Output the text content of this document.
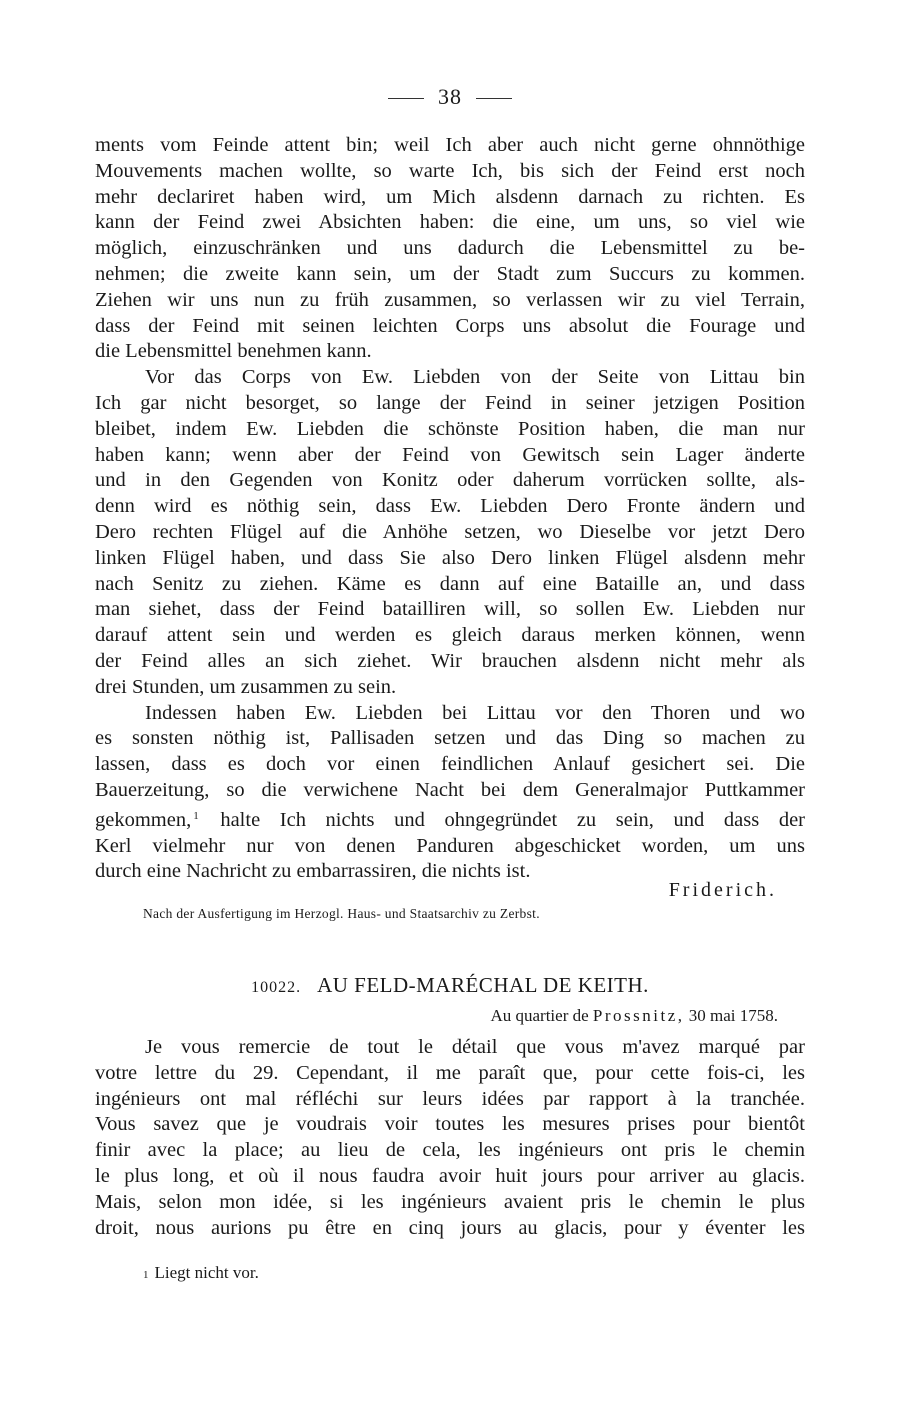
38
ments vom Feinde attent bin; weil Ich aber auch nicht gerne ohnnöthige
Mouvements machen wollte, so warte Ich, bis sich der Feind erst noch
mehr declariret haben wird, um Mich alsdenn darnach zu richten. Es
kann der Feind zwei Absichten haben: die eine, um uns, so viel wie
möglich, einzuschränken und uns dadurch die Lebensmittel zu be-
nehmen; die zweite kann sein, um der Stadt zum Succurs zu kommen.
Ziehen wir uns nun zu früh zusammen, so verlassen wir zu viel Terrain,
dass der Feind mit seinen leichten Corps uns absolut die Fourage und
die Lebensmittel benehmen kann.
Vor das Corps von Ew. Liebden von der Seite von Littau bin
Ich gar nicht besorget, so lange der Feind in seiner jetzigen Position
bleibet, indem Ew. Liebden die schönste Position haben, die man nur
haben kann; wenn aber der Feind von Gewitsch sein Lager änderte
und in den Gegenden von Konitz oder daherum vorrücken sollte, als-
denn wird es nöthig sein, dass Ew. Liebden Dero Fronte ändern und
Dero rechten Flügel auf die Anhöhe setzen, wo Dieselbe vor jetzt Dero
linken Flügel haben, und dass Sie also Dero linken Flügel alsdenn mehr
nach Senitz zu ziehen. Käme es dann auf eine Bataille an, und dass
man siehet, dass der Feind batailliren will, so sollen Ew. Liebden nur
darauf attent sein und werden es gleich daraus merken können, wenn
der Feind alles an sich ziehet. Wir brauchen alsdenn nicht mehr als
drei Stunden, um zusammen zu sein.
Indessen haben Ew. Liebden bei Littau vor den Thoren und wo
es sonsten nöthig ist, Pallisaden setzen und das Ding so machen zu
lassen, dass es doch vor einen feindlichen Anlauf gesichert sei. Die
Bauerzeitung, so die verwichene Nacht bei dem Generalmajor Puttkammer
gekommen, $^1$ halte Ich nichts und ohngegründet zu sein, und dass der
Kerl vielmehr nur von denen Panduren abgeschicket worden, um uns
durch eine Nachricht zu embarrassiren, die nichts ist.
Friderich.
Nach der Ausfertigung im Herzogl. Haus- und Staatsarchiv zu Zerbst.
10022. AU FELD-MARÉCHAL DE KEITH.
Au quartier de Prossnitz, 30 mai 1758.
Je vous remercie de tout le détail que vous m'avez marqué par
votre lettre du 29. Cependant, il me paraît que, pour cette fois-ci, les
ingénieurs ont mal réfléchi sur leurs idées par rapport à la tranchée.
Vous savez que je voudrais voir toutes les mesures prises pour bientôt
finir avec la place; au lieu de cela, les ingénieurs ont pris le chemin
le plus long, et où il nous faudra avoir huit jours pour arriver au glacis.
Mais, selon mon idée, si les ingénieurs avaient pris le chemin le plus
droit, nous aurions pu être en cinq jours au glacis, pour y éventer les
1 Liegt nicht vor.
